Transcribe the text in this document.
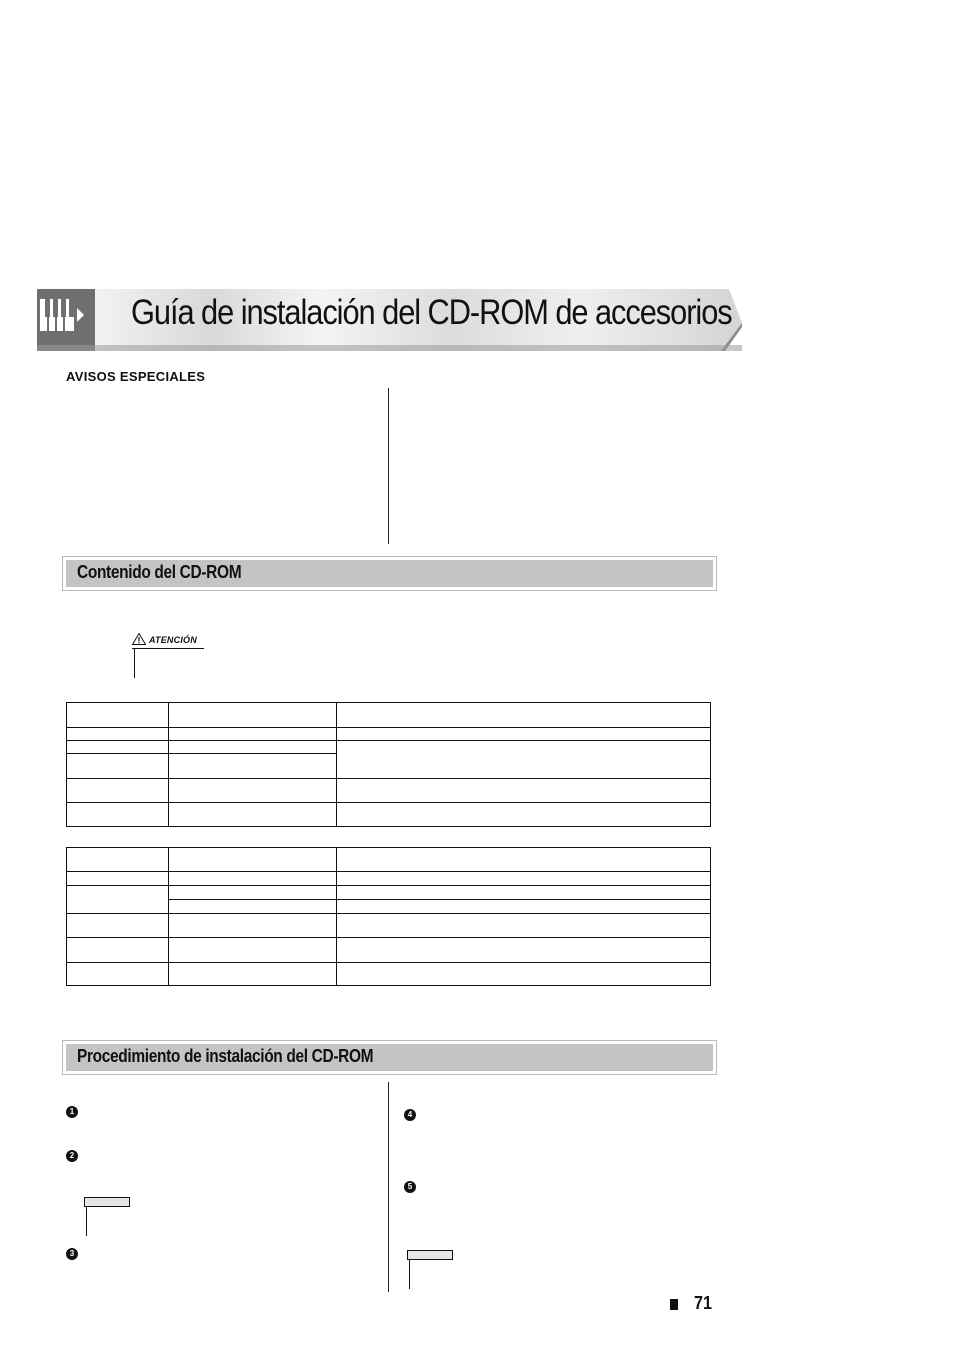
Guía de instalación del CD-ROM de accesorios
AVISOS ESPECIALES
Contenido del CD-ROM
ATENCIÓN

Procedimiento de instalación del CD-ROM
1
2
3
4
5
71
